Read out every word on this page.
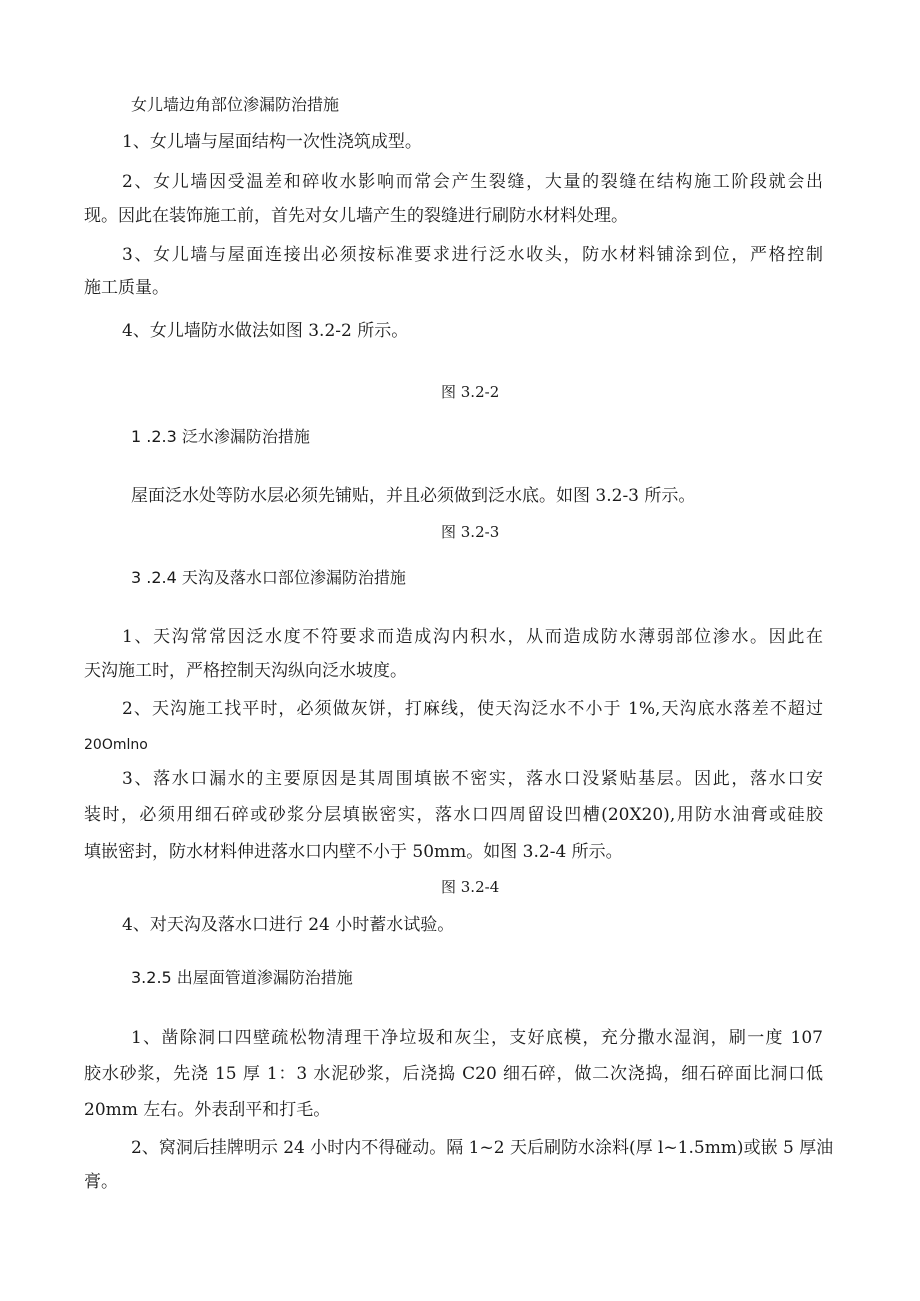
女儿墙边角部位渗漏防治措施
1、女儿墙与屋面结构一次性浇筑成型。
2、女儿墙因受温差和碎收水影响而常会产生裂缝，大量的裂缝在结构施工阶段就会出
现。因此在装饰施工前，首先对女儿墙产生的裂缝进行刷防水材料处理。
3、女儿墙与屋面连接出必须按标准要求进行泛水收头，防水材料铺涂到位，严格控制
施工质量。
4、女儿墙防水做法如图 3.2-2 所示。
图 3.2-2
1 .2.3 泛水渗漏防治措施
屋面泛水处等防水层必须先铺贴，并且必须做到泛水底。如图 3.2-3 所示。
图 3.2-3
3 .2.4 天沟及落水口部位渗漏防治措施
1、天沟常常因泛水度不符要求而造成沟内积水，从而造成防水薄弱部位渗水。因此在
天沟施工时，严格控制天沟纵向泛水坡度。
2、天沟施工找平时，必须做灰饼，打麻线，使天沟泛水不小于 1%,天沟底水落差不超过
20Omlno
3、落水口漏水的主要原因是其周围填嵌不密实，落水口没紧贴基层。因此，落水口安
装时，必须用细石碎或砂浆分层填嵌密实，落水口四周留设凹槽(20X20),用防水油膏或硅胶
填嵌密封，防水材料伸进落水口内壁不小于 50mm。如图 3.2-4 所示。
图 3.2-4
4、对天沟及落水口进行 24 小时蓄水试验。
3.2.5 出屋面管道渗漏防治措施
1、凿除洞口四壁疏松物清理干净垃圾和灰尘，支好底模，充分撒水湿润，刷一度 107
胶水砂浆，先浇 15 厚 1：3 水泥砂浆，后浇捣 C20 细石碎，做二次浇捣，细石碎面比洞口低
20mm 左右。外表刮平和打毛。
2、窝洞后挂牌明示 24 小时内不得碰动。隔 1~2 天后刷防水涂料(厚 l~1.5mm)或嵌 5 厚油
膏。
